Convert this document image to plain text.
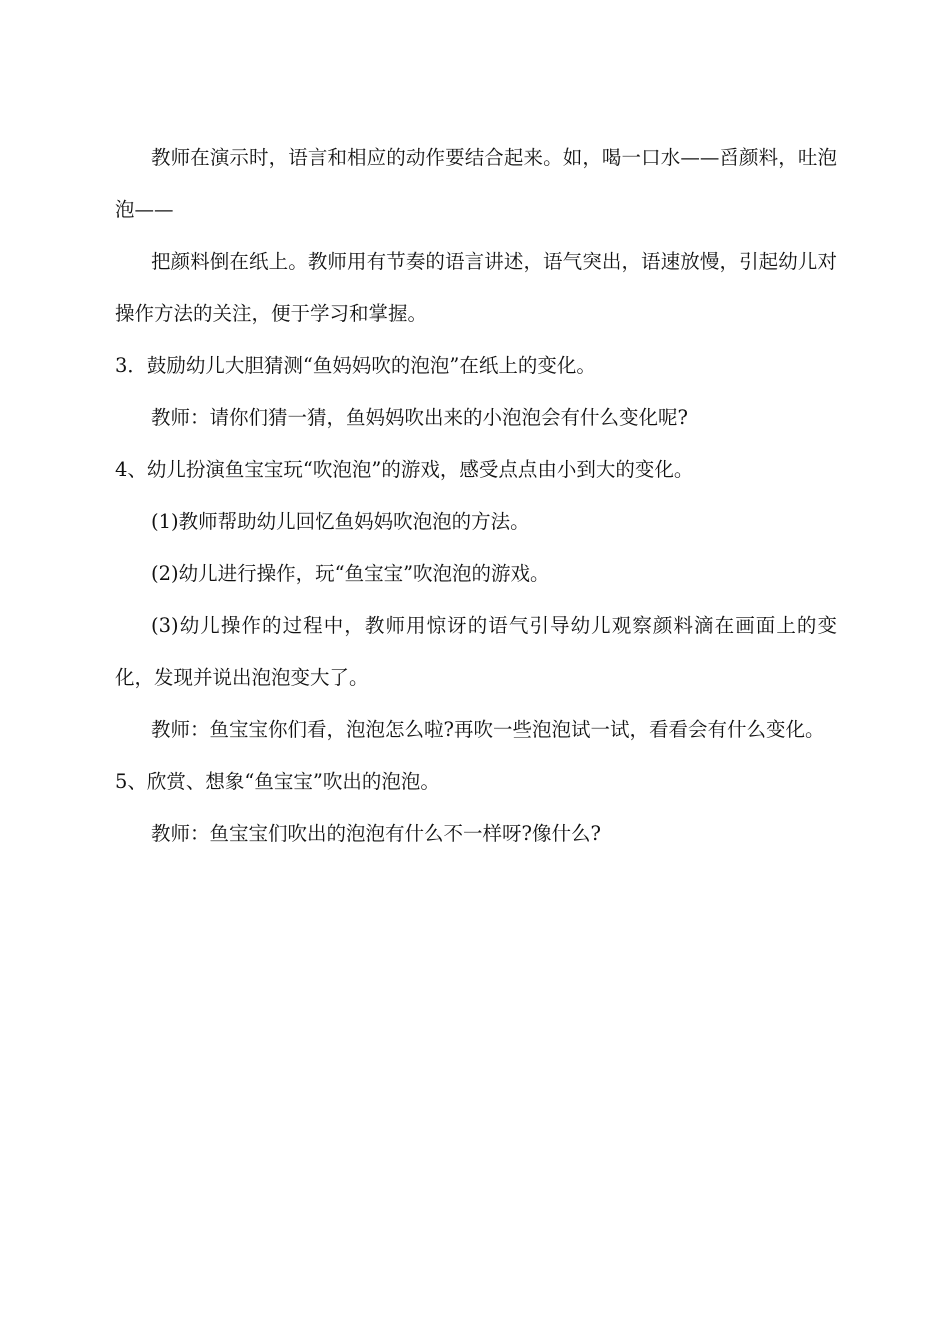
教师在演示时，语言和相应的动作要结合起来。如，喝一口水——舀颜料，吐泡泡——

把颜料倒在纸上。教师用有节奏的语言讲述，语气突出，语速放慢，引起幼儿对操作方法的关注，便于学习和掌握。

3．鼓励幼儿大胆猜测“鱼妈妈吹的泡泡”在纸上的变化。

教师：请你们猜一猜，鱼妈妈吹出来的小泡泡会有什么变化呢?

4、幼儿扮演鱼宝宝玩“吹泡泡”的游戏，感受点点由小到大的变化。

(1)教师帮助幼儿回忆鱼妈妈吹泡泡的方法。

(2)幼儿进行操作，玩“鱼宝宝”吹泡泡的游戏。

(3)幼儿操作的过程中，教师用惊讶的语气引导幼儿观察颜料滴在画面上的变化，发现并说出泡泡变大了。

教师：鱼宝宝你们看，泡泡怎么啦?再吹一些泡泡试一试，看看会有什么变化。

5、欣赏、想象“鱼宝宝”吹出的泡泡。

教师：鱼宝宝们吹出的泡泡有什么不一样呀?像什么?
